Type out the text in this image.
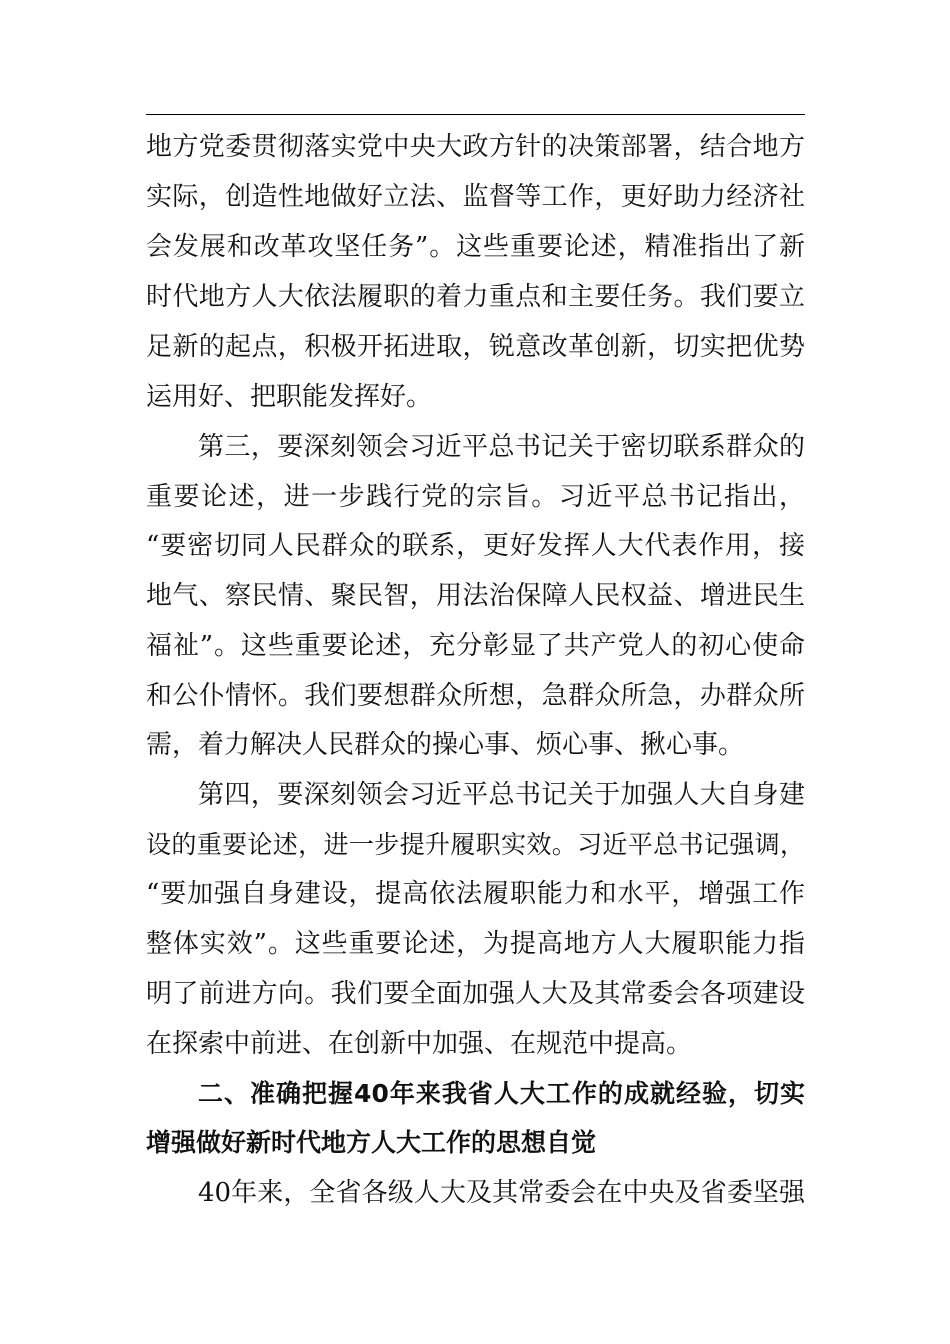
地方党委贯彻落实党中央大政方针的决策部署，结合地方
实际，创造性地做好立法、监督等工作，更好助力经济社
会发展和改革攻坚任务”。这些重要论述，精准指出了新
时代地方人大依法履职的着力重点和主要任务。我们要立
足新的起点，积极开拓进取，锐意改革创新，切实把优势
运用好、把职能发挥好。
第三，要深刻领会习近平总书记关于密切联系群众的
重要论述，进一步践行党的宗旨。习近平总书记指出，
“要密切同人民群众的联系，更好发挥人大代表作用，接
地气、察民情、聚民智，用法治保障人民权益、增进民生
福祉”。这些重要论述，充分彰显了共产党人的初心使命
和公仆情怀。我们要想群众所想，急群众所急，办群众所
需，着力解决人民群众的操心事、烦心事、揪心事。
第四，要深刻领会习近平总书记关于加强人大自身建
设的重要论述，进一步提升履职实效。习近平总书记强调，
“要加强自身建设，提高依法履职能力和水平，增强工作
整体实效”。这些重要论述，为提高地方人大履职能力指
明了前进方向。我们要全面加强人大及其常委会各项建设
在探索中前进、在创新中加强、在规范中提高。
二、准确把握40年来我省人大工作的成就经验，切实
增强做好新时代地方人大工作的思想自觉
40年来，全省各级人大及其常委会在中央及省委坚强
